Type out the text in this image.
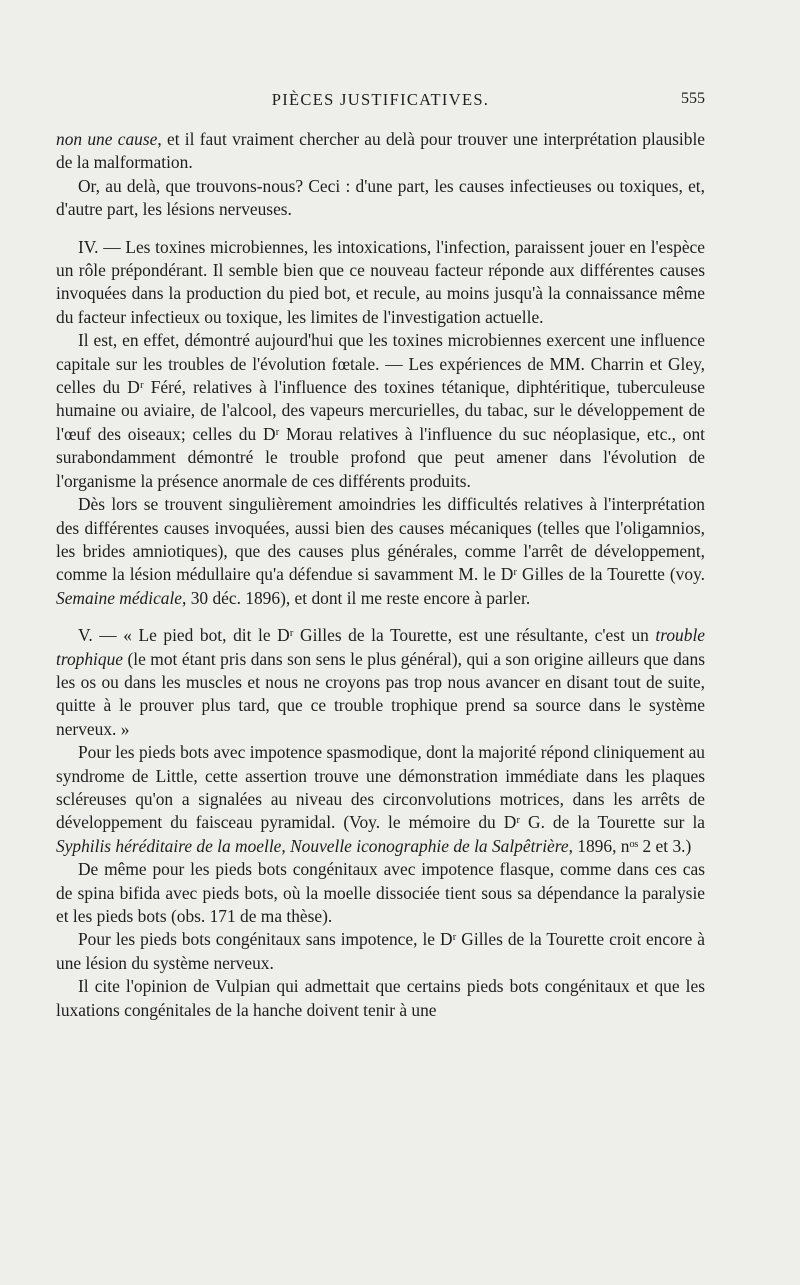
PIÈCES JUSTIFICATIVES.	555

non une cause, et il faut vraiment chercher au delà pour trouver une interprétation plausible de la malformation.

Or, au delà, que trouvons-nous? Ceci : d'une part, les causes infectieuses ou toxiques, et, d'autre part, les lésions nerveuses.

IV. — Les toxines microbiennes, les intoxications, l'infection, paraissent jouer en l'espèce un rôle prépondérant. Il semble bien que ce nouveau facteur réponde aux différentes causes invoquées dans la production du pied bot, et recule, au moins jusqu'à la connaissance même du facteur infectieux ou toxique, les limites de l'investigation actuelle.

Il est, en effet, démontré aujourd'hui que les toxines microbiennes exercent une influence capitale sur les troubles de l'évolution fœtale. — Les expériences de MM. Charrin et Gley, celles du Dʳ Féré, relatives à l'influence des toxines tétanique, diphtéritique, tuberculeuse humaine ou aviaire, de l'alcool, des vapeurs mercurielles, du tabac, sur le développement de l'œuf des oiseaux; celles du Dʳ Morau relatives à l'influence du suc néoplasique, etc., ont surabondamment démontré le trouble profond que peut amener dans l'évolution de l'organisme la présence anormale de ces différents produits.

Dès lors se trouvent singulièrement amoindries les difficultés relatives à l'interprétation des différentes causes invoquées, aussi bien des causes mécaniques (telles que l'oligamnios, les brides amniotiques), que des causes plus générales, comme l'arrêt de développement, comme la lésion médullaire qu'a défendue si savamment M. le Dʳ Gilles de la Tourette (voy. Semaine médicale, 30 déc. 1896), et dont il me reste encore à parler.

V. — « Le pied bot, dit le Dʳ Gilles de la Tourette, est une résultante, c'est un trouble trophique (le mot étant pris dans son sens le plus général), qui a son origine ailleurs que dans les os ou dans les muscles et nous ne croyons pas trop nous avancer en disant tout de suite, quitte à le prouver plus tard, que ce trouble trophique prend sa source dans le système nerveux. »

Pour les pieds bots avec impotence spasmodique, dont la majorité répond cliniquement au syndrome de Little, cette assertion trouve une démonstration immédiate dans les plaques scléreuses qu'on a signalées au niveau des circonvolutions motrices, dans les arrêts de développement du faisceau pyramidal. (Voy. le mémoire du Dʳ G. de la Tourette sur la Syphilis héréditaire de la moelle, Nouvelle iconographie de la Salpêtrière, 1896, nᵒˢ 2 et 3.)

De même pour les pieds bots congénitaux avec impotence flasque, comme dans ces cas de spina bifida avec pieds bots, où la moelle dissociée tient sous sa dépendance la paralysie et les pieds bots (obs. 171 de ma thèse).

Pour les pieds bots congénitaux sans impotence, le Dʳ Gilles de la Tourette croit encore à une lésion du système nerveux.

Il cite l'opinion de Vulpian qui admettait que certains pieds bots congénitaux et que les luxations congénitales de la hanche doivent tenir à une
